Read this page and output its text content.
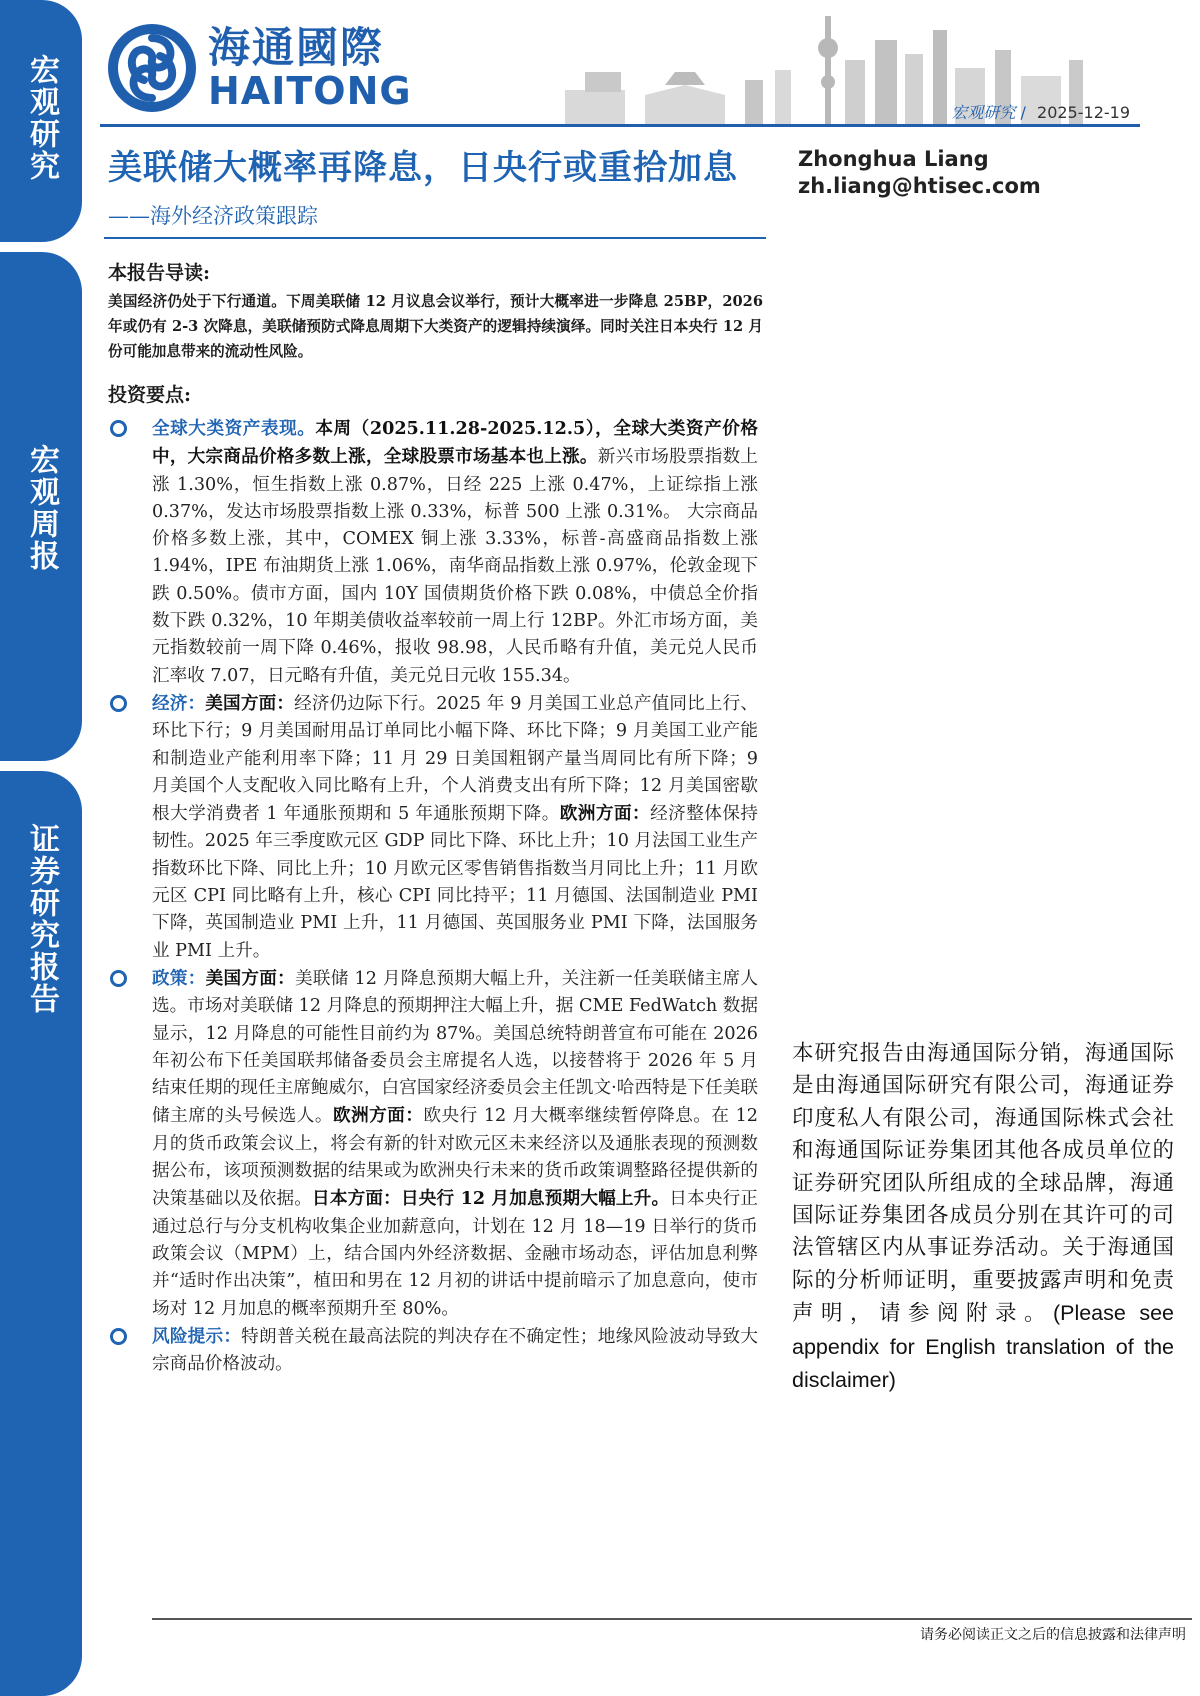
宏观研究
宏观周报
证券研究报告
海通國際
HAITONG	宏观研究 / 2025-12-19
美联储大概率再降息，日央行或重拾加息
——海外经济政策跟踪
Zhonghua Liang
zh.liang@htisec.com
本报告导读:
美国经济仍处于下行通道。下周美联储 12 月议息会议举行，预计大概率进一步降息 25BP，2026 年或仍有 2-3 次降息，美联储预防式降息周期下大类资产的逻辑持续演绎。同时关注日本央行 12 月份可能加息带来的流动性风险。
投资要点:
全球大类资产表现。本周（2025.11.28-2025.12.5），全球大类资产价格中，大宗商品价格多数上涨，全球股票市场基本也上涨。新兴市场股票指数上涨 1.30%，恒生指数上涨 0.87%，日经 225 上涨 0.47%，上证综指上涨 0.37%，发达市场股票指数上涨 0.33%，标普 500 上涨 0.31%。 大宗商品价格多数上涨，其中，COMEX 铜上涨 3.33%，标普-高盛商品指数上涨 1.94%，IPE 布油期货上涨 1.06%，南华商品指数上涨 0.97%，伦敦金现下跌 0.50%。债市方面，国内 10Y 国债期货价格下跌 0.08%，中债总全价指数下跌 0.32%，10 年期美债收益率较前一周上行 12BP。外汇市场方面，美元指数较前一周下降 0.46%，报收 98.98，人民币略有升值，美元兑人民币汇率收 7.07，日元略有升值，美元兑日元收 155.34。
经济：美国方面：经济仍边际下行。2025 年 9 月美国工业总产值同比上行、环比下行；9 月美国耐用品订单同比小幅下降、环比下降；9 月美国工业产能和制造业产能利用率下降；11 月 29 日美国粗钢产量当周同比有所下降；9 月美国个人支配收入同比略有上升，个人消费支出有所下降；12 月美国密歇根大学消费者 1 年通胀预期和 5 年通胀预期下降。欧洲方面：经济整体保持韧性。2025 年三季度欧元区 GDP 同比下降、环比上升；10 月法国工业生产指数环比下降、同比上升；10 月欧元区零售销售指数当月同比上升；11 月欧元区 CPI 同比略有上升，核心 CPI 同比持平；11 月德国、法国制造业 PMI 下降，英国制造业 PMI 上升，11 月德国、英国服务业 PMI 下降，法国服务业 PMI 上升。
政策：美国方面：美联储 12 月降息预期大幅上升，关注新一任美联储主席人选。市场对美联储 12 月降息的预期押注大幅上升，据 CME FedWatch 数据显示，12 月降息的可能性目前约为 87%。美国总统特朗普宣布可能在 2026 年初公布下任美国联邦储备委员会主席提名人选，以接替将于 2026 年 5 月结束任期的现任主席鲍威尔，白宫国家经济委员会主任凯文·哈西特是下任美联储主席的头号候选人。欧洲方面：欧央行 12 月大概率继续暂停降息。在 12 月的货币政策会议上，将会有新的针对欧元区未来经济以及通胀表现的预测数据公布，该项预测数据的结果或为欧洲央行未来的货币政策调整路径提供新的决策基础以及依据。日本方面：日央行 12 月加息预期大幅上升。日本央行正通过总行与分支机构收集企业加薪意向，计划在 12 月 18—19 日举行的货币政策会议（MPM）上，结合国内外经济数据、金融市场动态，评估加息利弊并“适时作出决策”，植田和男在 12 月初的讲话中提前暗示了加息意向，使市场对 12 月加息的概率预期升至 80%。
风险提示：特朗普关税在最高法院的判决存在不确定性；地缘风险波动导致大宗商品价格波动。
本研究报告由海通国际分销，海通国际是由海通国际研究有限公司，海通证券印度私人有限公司，海通国际株式会社和海通国际证券集团其他各成员单位的证券研究团队所组成的全球品牌，海通国际证券集团各成员分别在其许可的司法管辖区内从事证券活动。关于海通国际的分析师证明，重要披露声明和免责声明，请参阅附录。(Please see appendix for English translation of the disclaimer)
请务必阅读正文之后的信息披露和法律声明
